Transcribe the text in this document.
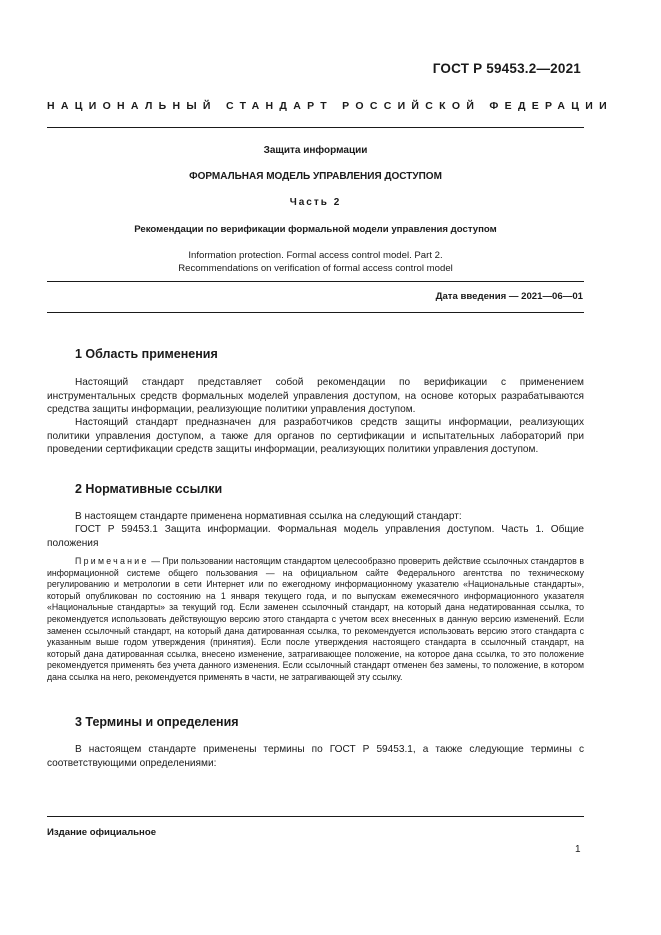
ГОСТ Р 59453.2—2021
НАЦИОНАЛЬНЫЙ СТАНДАРТ РОССИЙСКОЙ ФЕДЕРАЦИИ
Защита информации
ФОРМАЛЬНАЯ МОДЕЛЬ УПРАВЛЕНИЯ ДОСТУПОМ
Часть 2
Рекомендации по верификации формальной модели управления доступом
Information protection. Formal access control model. Part 2.
Recommendations on verification of formal access control model
Дата введения — 2021—06—01
1 Область применения
Настоящий стандарт представляет собой рекомендации по верификации с применением инструментальных средств формальных моделей управления доступом, на основе которых разрабатываются средства защиты информации, реализующие политики управления доступом.
Настоящий стандарт предназначен для разработчиков средств защиты информации, реализующих политики управления доступом, а также для органов по сертификации и испытательных лабораторий при проведении сертификации средств защиты информации, реализующих политики управления доступом.
2 Нормативные ссылки
В настоящем стандарте применена нормативная ссылка на следующий стандарт:
ГОСТ Р 59453.1 Защита информации. Формальная модель управления доступом. Часть 1. Общие положения
Примечание — При пользовании настоящим стандартом целесообразно проверить действие ссылочных стандартов в информационной системе общего пользования — на официальном сайте Федерального агентства по техническому регулированию и метрологии в сети Интернет или по ежегодному информационному указателю «Национальные стандарты», который опубликован по состоянию на 1 января текущего года, и по выпускам ежемесячного информационного указателя «Национальные стандарты» за текущий год. Если заменен ссылочный стандарт, на который дана недатированная ссылка, то рекомендуется использовать действующую версию этого стандарта с учетом всех внесенных в данную версию изменений. Если заменен ссылочный стандарт, на который дана датированная ссылка, то рекомендуется использовать версию этого стандарта с указанным выше годом утверждения (принятия). Если после утверждения настоящего стандарта в ссылочный стандарт, на который дана датированная ссылка, внесено изменение, затрагивающее положение, на которое дана ссылка, то это положение рекомендуется применять без учета данного изменения. Если ссылочный стандарт отменен без замены, то положение, в котором дана ссылка на него, рекомендуется применять в части, не затрагивающей эту ссылку.
3 Термины и определения
В настоящем стандарте применены термины по ГОСТ Р 59453.1, а также следующие термины с соответствующими определениями:
Издание официальное
1
